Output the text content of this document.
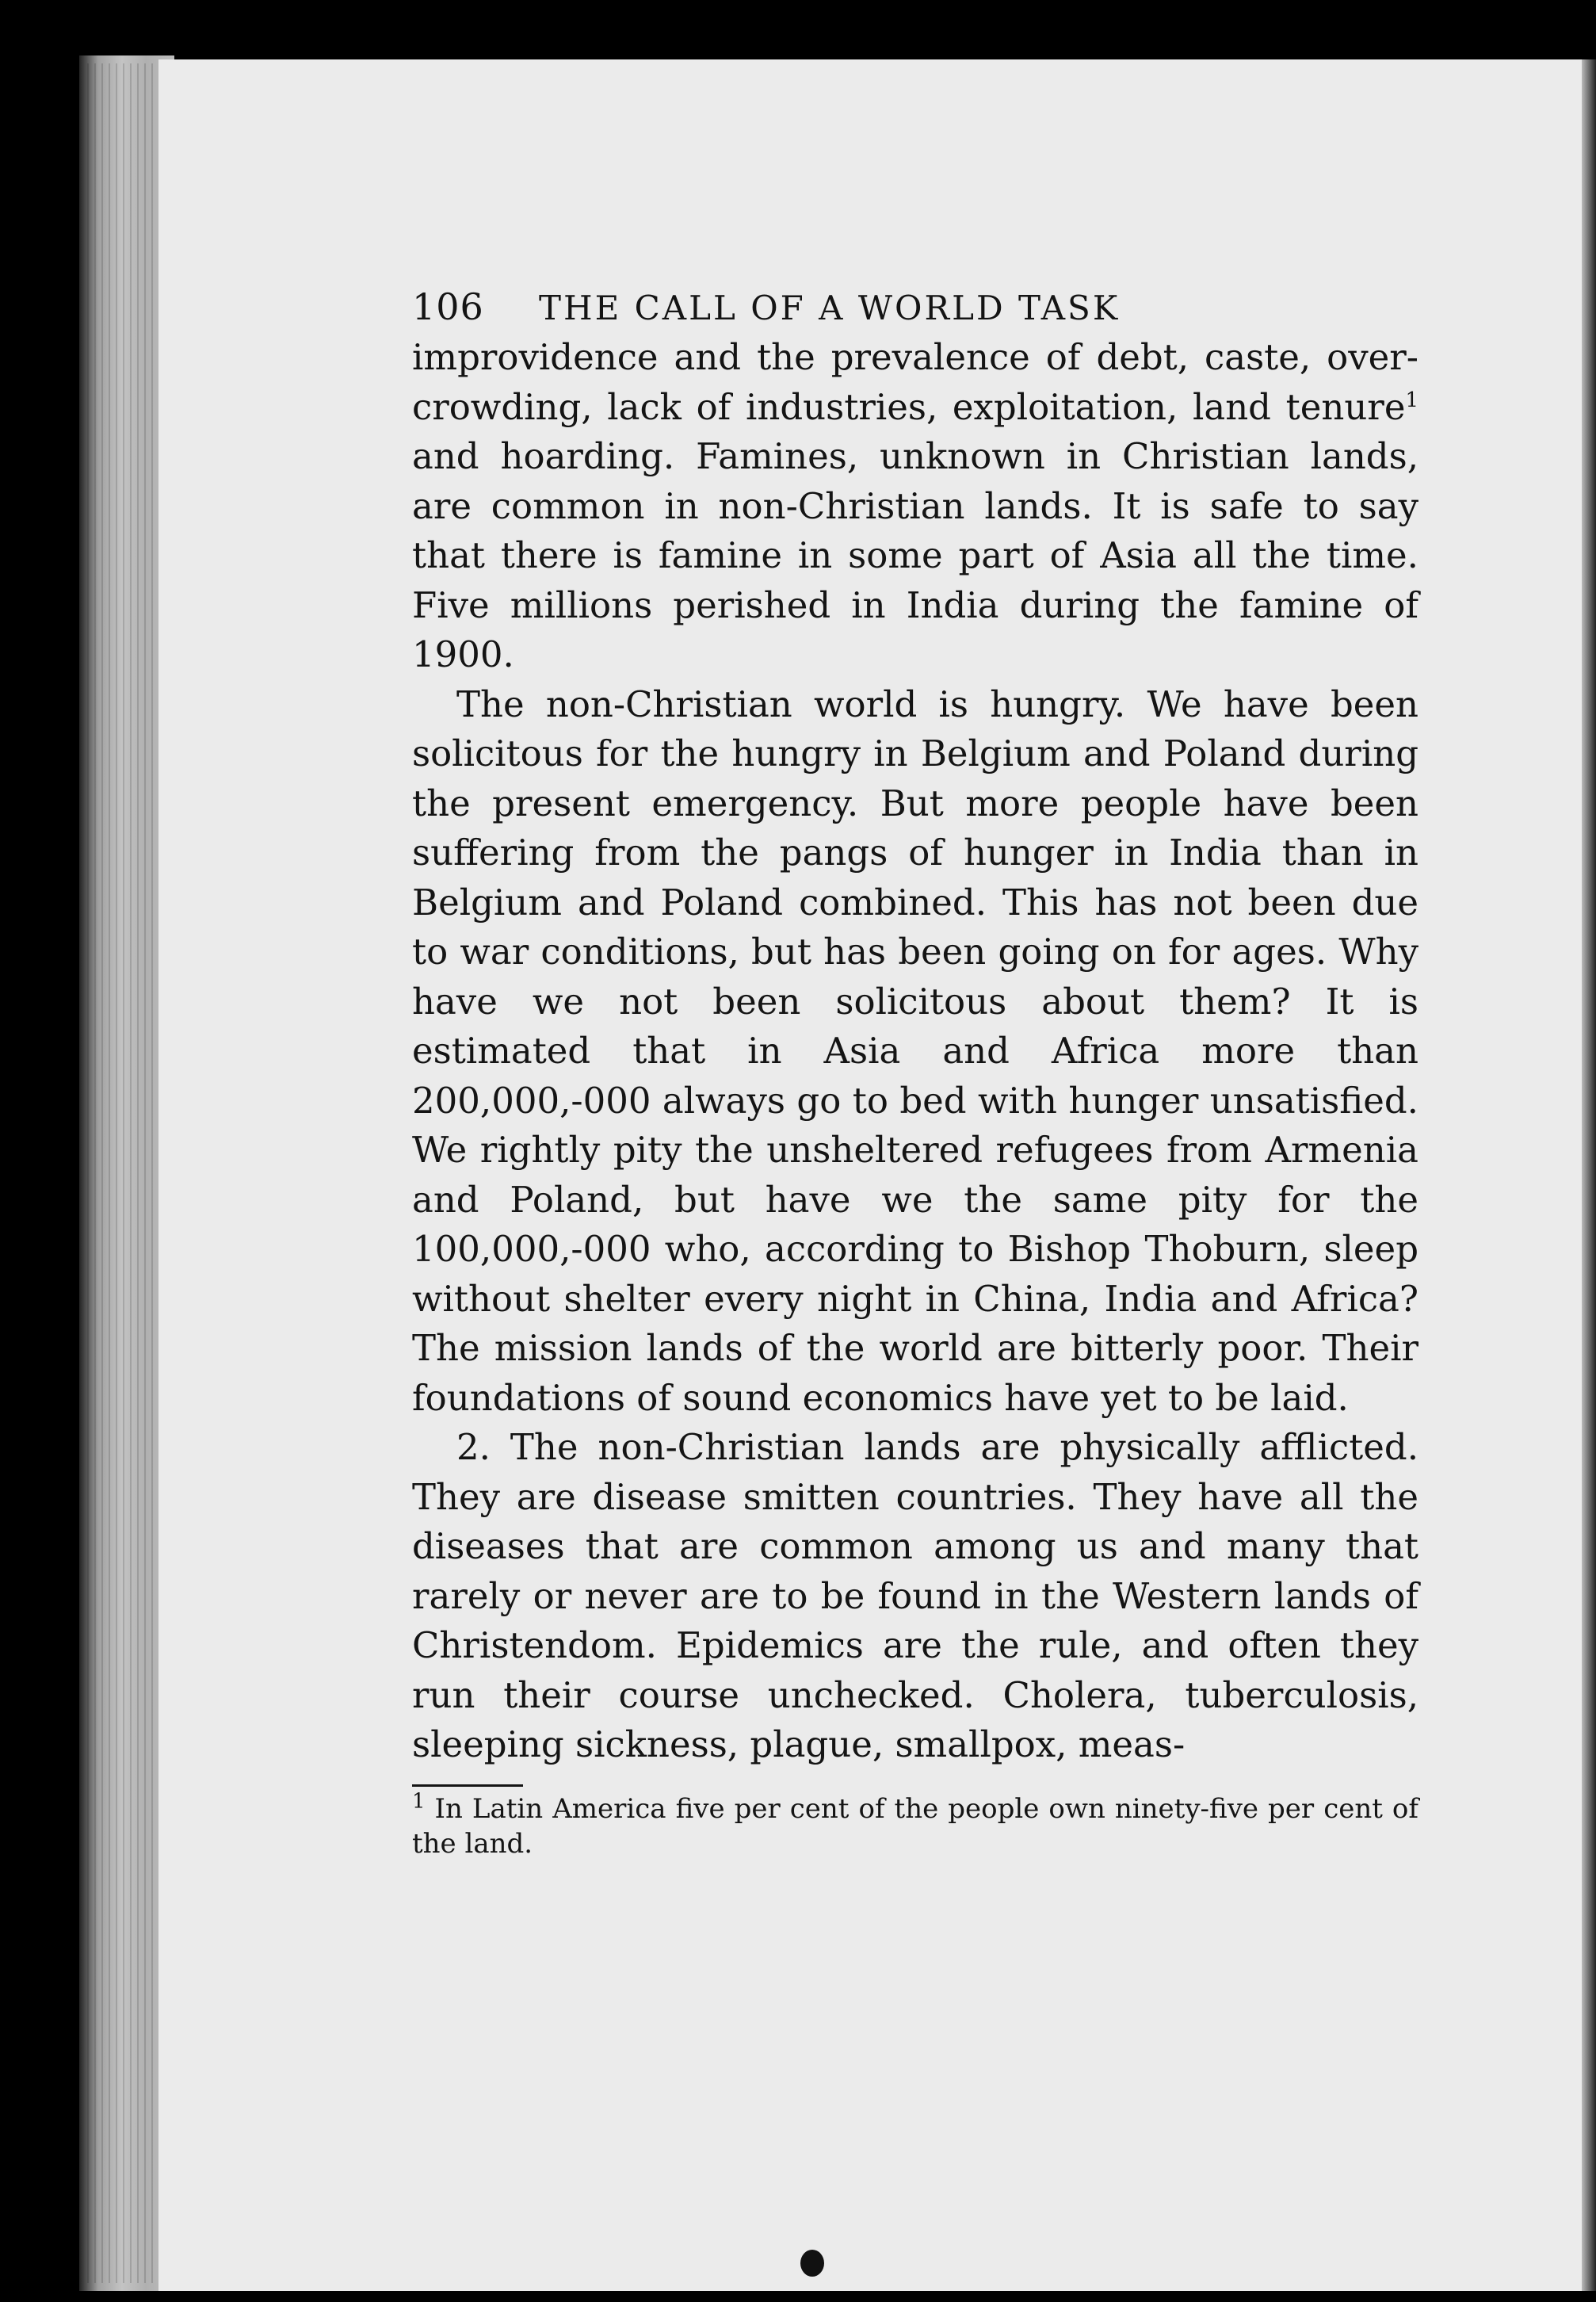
106	THE CALL OF A WORLD TASK

improvidence and the prevalence of debt, caste, over-crowding, lack of industries, exploitation, land tenure$^1$ and hoarding. Famines, unknown in Christian lands, are common in non-Christian lands. It is safe to say that there is famine in some part of Asia all the time. Five millions perished in India during the famine of 1900.

The non-Christian world is hungry. We have been solicitous for the hungry in Belgium and Poland during the present emergency. But more people have been suffering from the pangs of hunger in India than in Belgium and Poland combined. This has not been due to war conditions, but has been going on for ages. Why have we not been solicitous about them? It is estimated that in Asia and Africa more than 200,000,-000 always go to bed with hunger unsatisfied. We rightly pity the unsheltered refugees from Armenia and Poland, but have we the same pity for the 100,000,-000 who, according to Bishop Thoburn, sleep without shelter every night in China, India and Africa? The mission lands of the world are bitterly poor. Their foundations of sound economics have yet to be laid.

2. The non-Christian lands are physically afflicted. They are disease smitten countries. They have all the diseases that are common among us and many that rarely or never are to be found in the Western lands of Christendom. Epidemics are the rule, and often they run their course unchecked. Cholera, tuberculosis, sleeping sickness, plague, smallpox, meas-

$^1$ In Latin America five per cent of the people own ninety-five per cent of the land.
